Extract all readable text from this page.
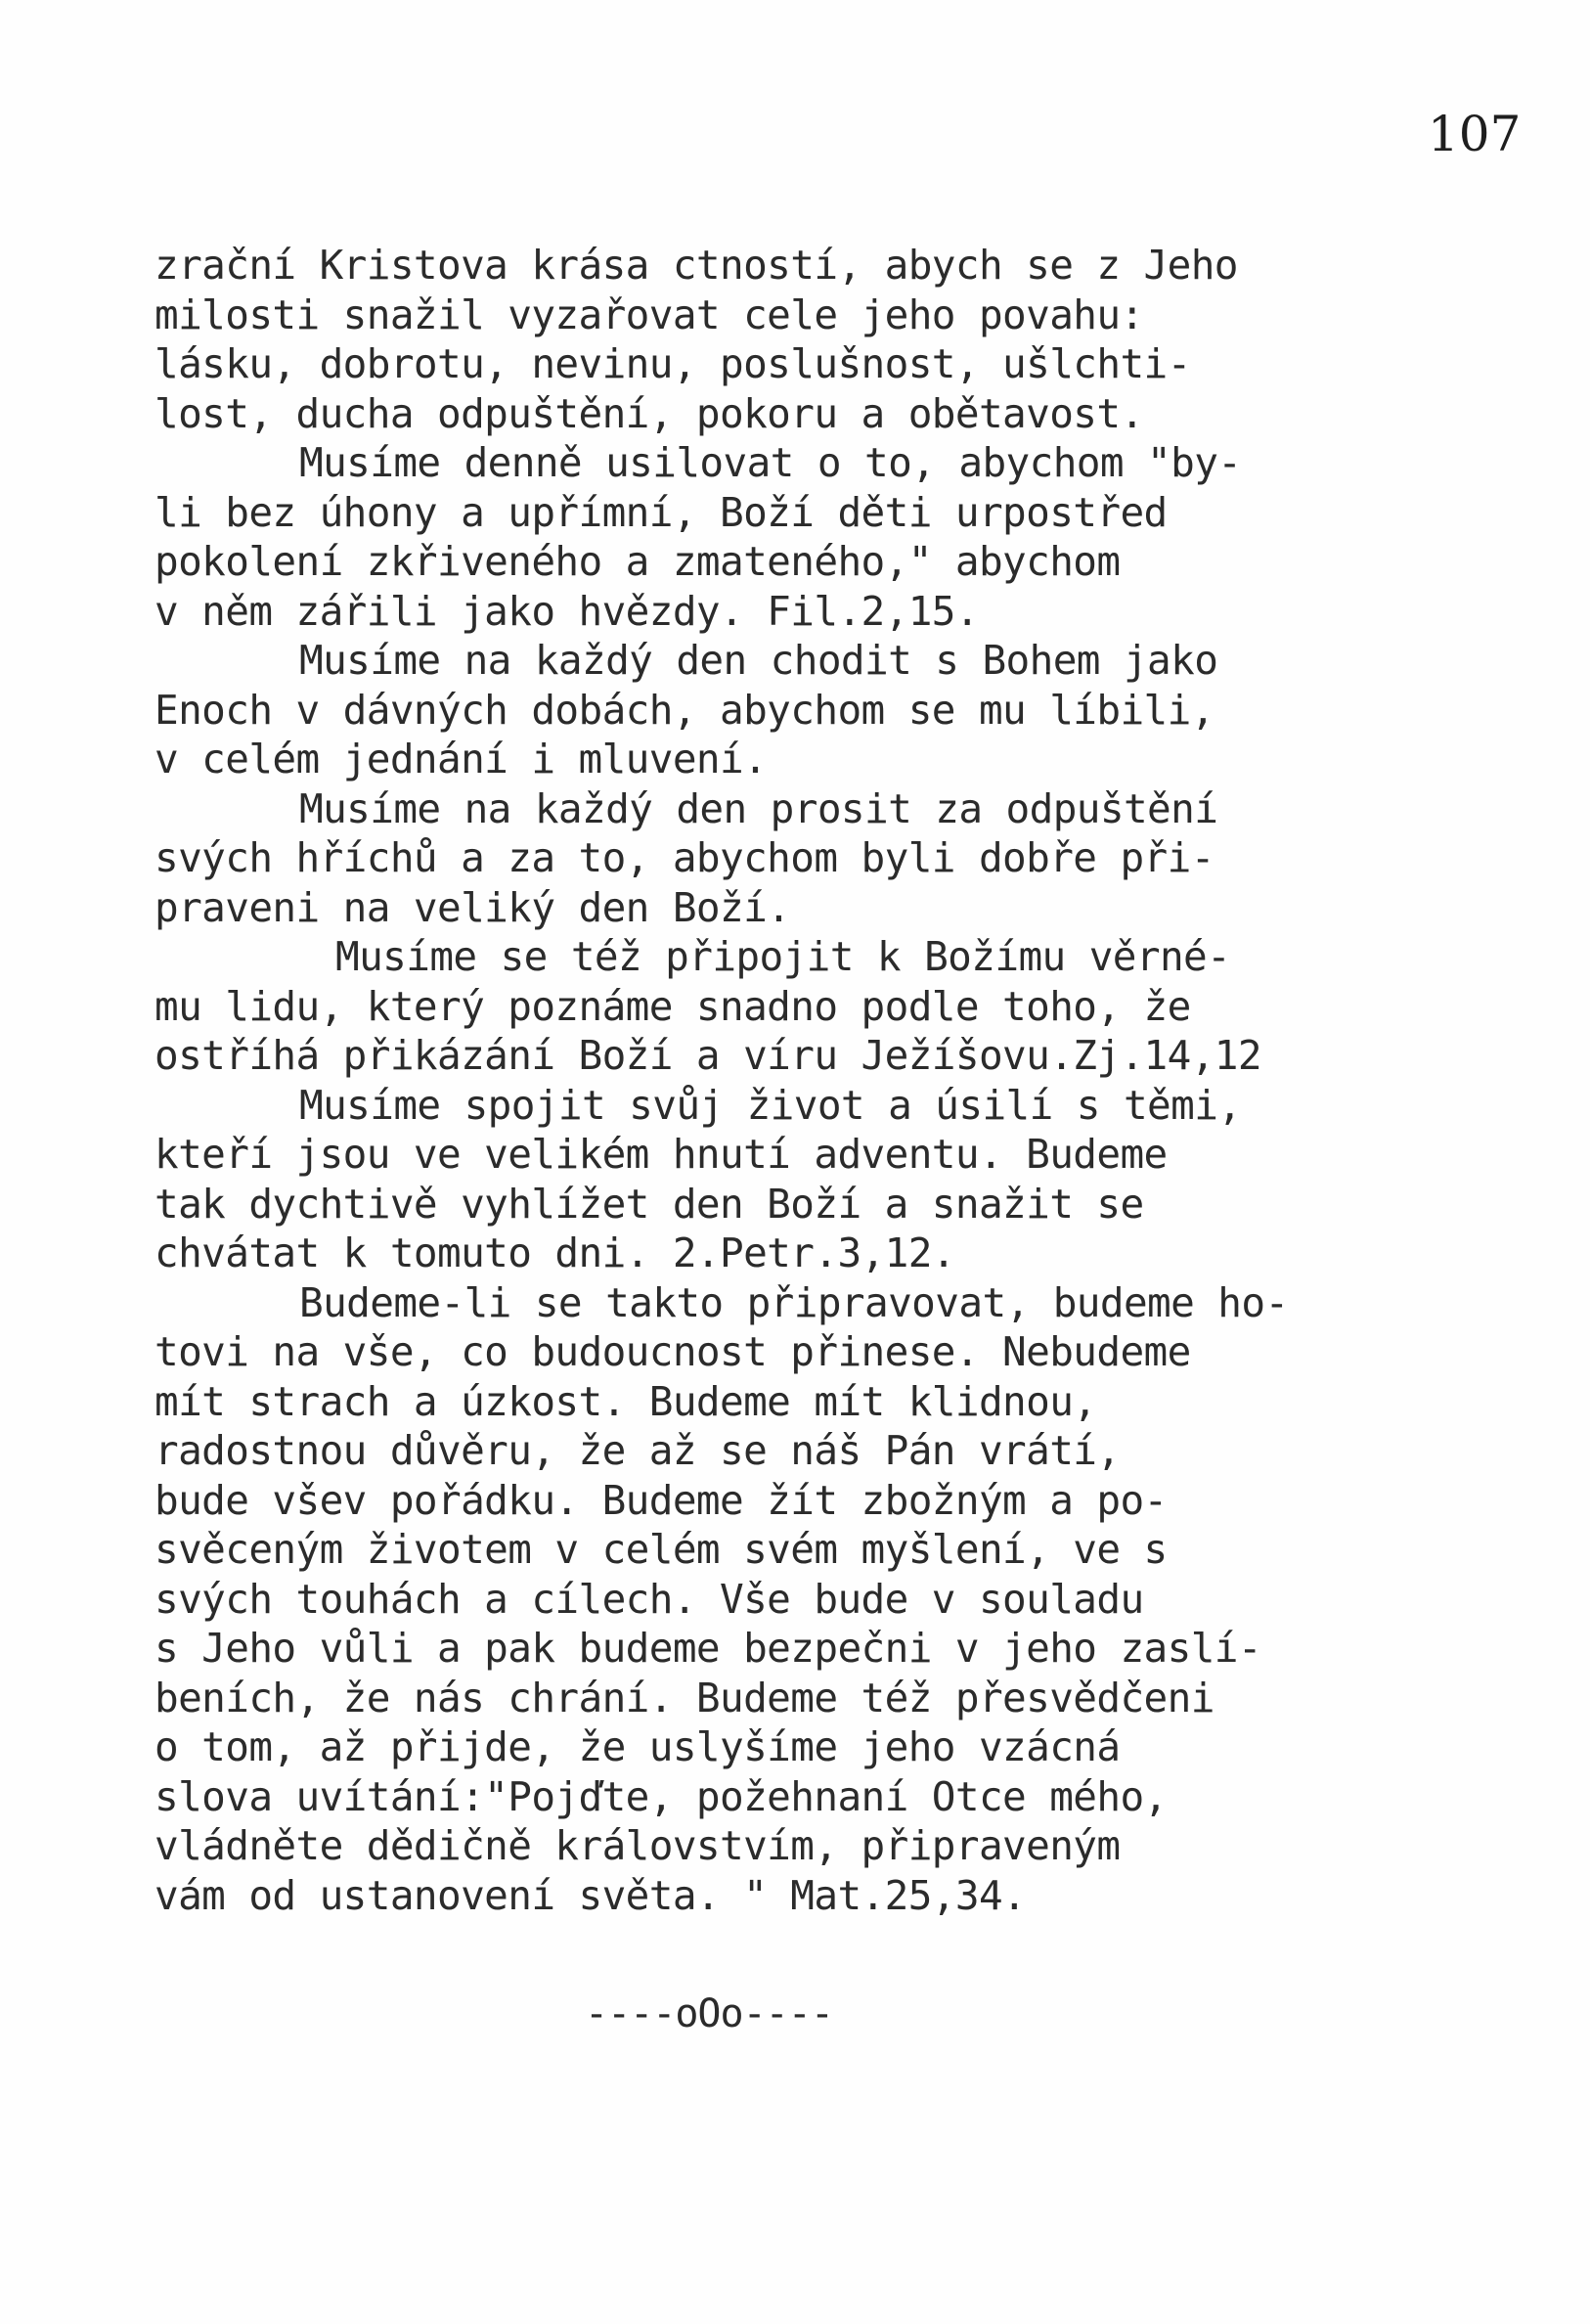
107
zrační Kristova krása ctností, abych se z Jeho
milosti snažil vyzařovat cele jeho povahu:
lásku, dobrotu, nevinu, poslušnost, ušlchti-
lost, ducha odpuštění, pokoru a obětavost.
Musíme denně usilovat o to, abychom "by-
li bez úhony a upřímní, Boží děti urpostřed
pokolení zkřiveného a zmateného," abychom
v něm zářili jako hvězdy. Fil.2,15.
Musíme na každý den chodit s Bohem jako
Enoch v dávných dobách, abychom se mu líbili,
v celém jednání i mluvení.
Musíme na každý den prosit za odpuštění
svých hříchů a za to, abychom byli dobře při-
praveni na veliký den Boží.
Musíme se též připojit k Božímu věrné-
mu lidu, který poznáme snadno podle toho, že
ostříhá přikázání Boží a víru Ježíšovu.Zj.14,12
Musíme spojit svůj život a úsilí s těmi,
kteří jsou ve velikém hnutí adventu. Budeme
tak dychtivě vyhlížet den Boží a snažit se
chvátat k tomuto dni. 2.Petr.3,12.
Budeme-li se takto připravovat, budeme ho-
tovi na vše, co budoucnost přinese. Nebudeme
mít strach a úzkost. Budeme mít klidnou,
radostnou důvěru, že až se náš Pán vrátí,
bude všev pořádku. Budeme žít zbožným a po-
svěceným životem v celém svém myšlení, ve s
svých touhách a cílech. Vše bude v souladu
s Jeho vůli a pak budeme bezpečni v jeho zaslí-
beních, že nás chrání. Budeme též přesvědčeni
o tom, až přijde, že uslyšíme jeho vzácná
slova uvítání:"Pojďte, požehnaní Otce mého,
vládněte dědičně královstvím, připraveným
vám od ustanovení světa. " Mat.25,34.
----oOo----
